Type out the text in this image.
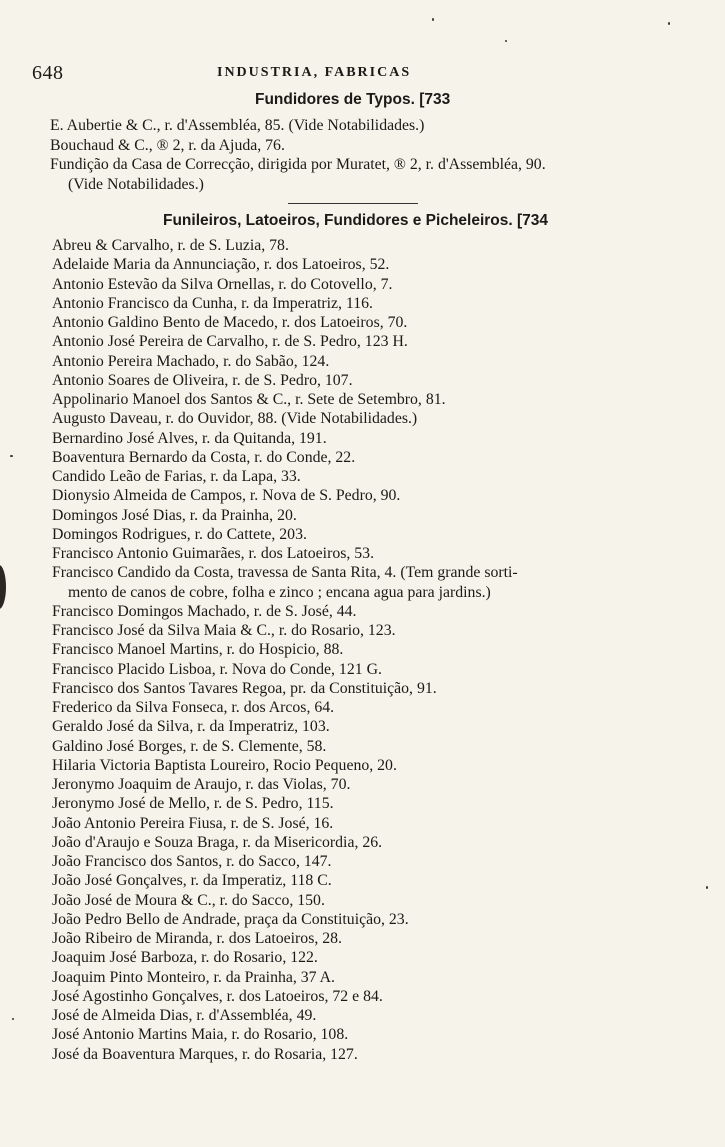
648	INDUSTRIA, FABRICAS
Fundidores de Typos. [733
E. Aubertie & C., r. d'Assembléa, 85. (Vide Notabilidades.)
Bouchaud & C., ® 2, r. da Ajuda, 76.
Fundição da Casa de Correcção, dirigida por Muratet, ® 2, r. d'Assembléa, 90.
(Vide Notabilidades.)
Funileiros, Latoeiros, Fundidores e Picheleiros. [734
Abreu & Carvalho, r. de S. Luzia, 78.
Adelaide Maria da Annunciação, r. dos Latoeiros, 52.
Antonio Estevão da Silva Ornellas, r. do Cotovello, 7.
Antonio Francisco da Cunha, r. da Imperatriz, 116.
Antonio Galdino Bento de Macedo, r. dos Latoeiros, 70.
Antonio José Pereira de Carvalho, r. de S. Pedro, 123 H.
Antonio Pereira Machado, r. do Sabão, 124.
Antonio Soares de Oliveira, r. de S. Pedro, 107.
Appolinario Manoel dos Santos & C., r. Sete de Setembro, 81.
Augusto Daveau, r. do Ouvidor, 88. (Vide Notabilidades.)
Bernardino José Alves, r. da Quitanda, 191.
Boaventura Bernardo da Costa, r. do Conde, 22.
Candido Leão de Farias, r. da Lapa, 33.
Dionysio Almeida de Campos, r. Nova de S. Pedro, 90.
Domingos José Dias, r. da Prainha, 20.
Domingos Rodrigues, r. do Cattete, 203.
Francisco Antonio Guimarães, r. dos Latoeiros, 53.
Francisco Candido da Costa, travessa de Santa Rita, 4. (Tem grande sorti-
mento de canos de cobre, folha e zinco ; encana agua para jardins.)
Francisco Domingos Machado, r. de S. José, 44.
Francisco José da Silva Maia & C., r. do Rosario, 123.
Francisco Manoel Martins, r. do Hospicio, 88.
Francisco Placido Lisboa, r. Nova do Conde, 121 G.
Francisco dos Santos Tavares Regoa, pr. da Constituição, 91.
Frederico da Silva Fonseca, r. dos Arcos, 64.
Geraldo José da Silva, r. da Imperatriz, 103.
Galdino José Borges, r. de S. Clemente, 58.
Hilaria Victoria Baptista Loureiro, Rocio Pequeno, 20.
Jeronymo Joaquim de Araujo, r. das Violas, 70.
Jeronymo José de Mello, r. de S. Pedro, 115.
João Antonio Pereira Fiusa, r. de S. José, 16.
João d'Araujo e Souza Braga, r. da Misericordia, 26.
João Francisco dos Santos, r. do Sacco, 147.
João José Gonçalves, r. da Imperatiz, 118 C.
João José de Moura & C., r. do Sacco, 150.
João Pedro Bello de Andrade, praça da Constituição, 23.
João Ribeiro de Miranda, r. dos Latoeiros, 28.
Joaquim José Barboza, r. do Rosario, 122.
Joaquim Pinto Monteiro, r. da Prainha, 37 A.
José Agostinho Gonçalves, r. dos Latoeiros, 72 e 84.
José de Almeida Dias, r. d'Assembléa, 49.
José Antonio Martins Maia, r. do Rosario, 108.
José da Boaventura Marques, r. do Rosaria, 127.
